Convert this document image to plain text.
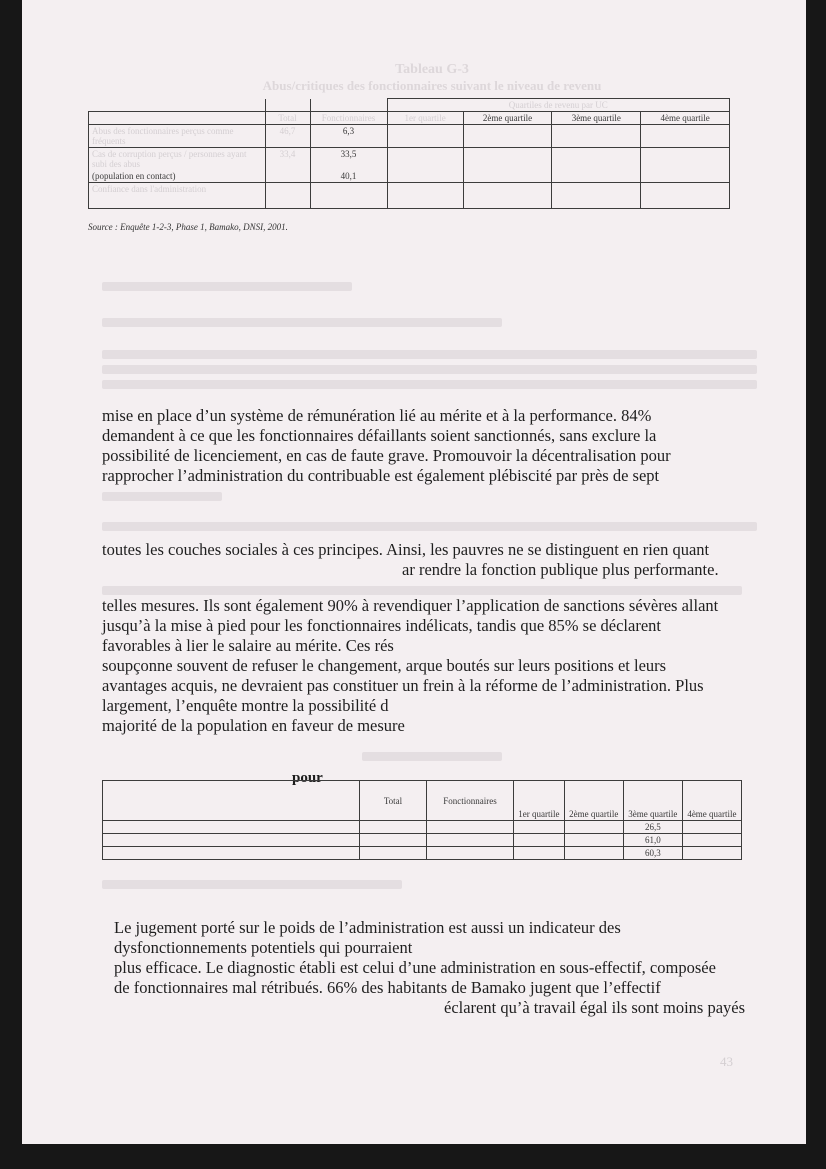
Tableau G-3
Abus/critiques des fonctionnaires suivant le niveau de revenu
			Quartiles de revenu par UC			
	Total	Fonctionnaires	1er quartile	2ème quartile	3ème quartile	4ème quartile
Abus des fonctionnaires perçus comme fréquents	46,7	6,3				
Cas de corruption perçus / personnes ayant subi des abus	33,4	33,5				
(population en contact)		40,1				
Confiance dans l'administration						
Source : Enquête 1-2-3, Phase 1, Bamako, DNSI, 2001.
mise en place d’un système de rémunération lié au mérite et à la performance. 84%
demandent à ce que les fonctionnaires défaillants soient sanctionnés, sans exclure la
possibilité de licenciement, en cas de faute grave. Promouvoir la décentralisation pour
rapprocher l’administration du contribuable est également plébiscité par près de sept
toutes les couches sociales à ces principes. Ainsi, les pauvres ne se distinguent en rien quant
ar rendre la fonction publique plus performante.
telles mesures. Ils sont également 90% à revendiquer l’application de sanctions sévères allant
jusqu’à la mise à pied pour les fonctionnaires indélicats, tandis que 85% se déclarent
favorables à lier le salaire au mérite. Ces rés
soupçonne souvent de refuser le changement, arque boutés sur leurs positions et leurs
avantages acquis, ne devraient pas constituer un frein à la réforme de l’administration. Plus
largement, l’enquête montre la possibilité d
majorité de la population en faveur de mesure
pour
	Total	Fonctionnaires	1er quartile	2ème quartile	3ème quartile	4ème quartile
					26,5	
					61,0	
					60,3	
Le jugement porté sur le poids de l’administration est aussi un indicateur des
dysfonctionnements potentiels qui pourraient
plus efficace. Le diagnostic établi est celui d’une administration en sous-effectif, composée
de fonctionnaires mal rétribués. 66% des habitants de Bamako jugent que l’effectif
éclarent qu’à travail égal ils sont moins payés
43
